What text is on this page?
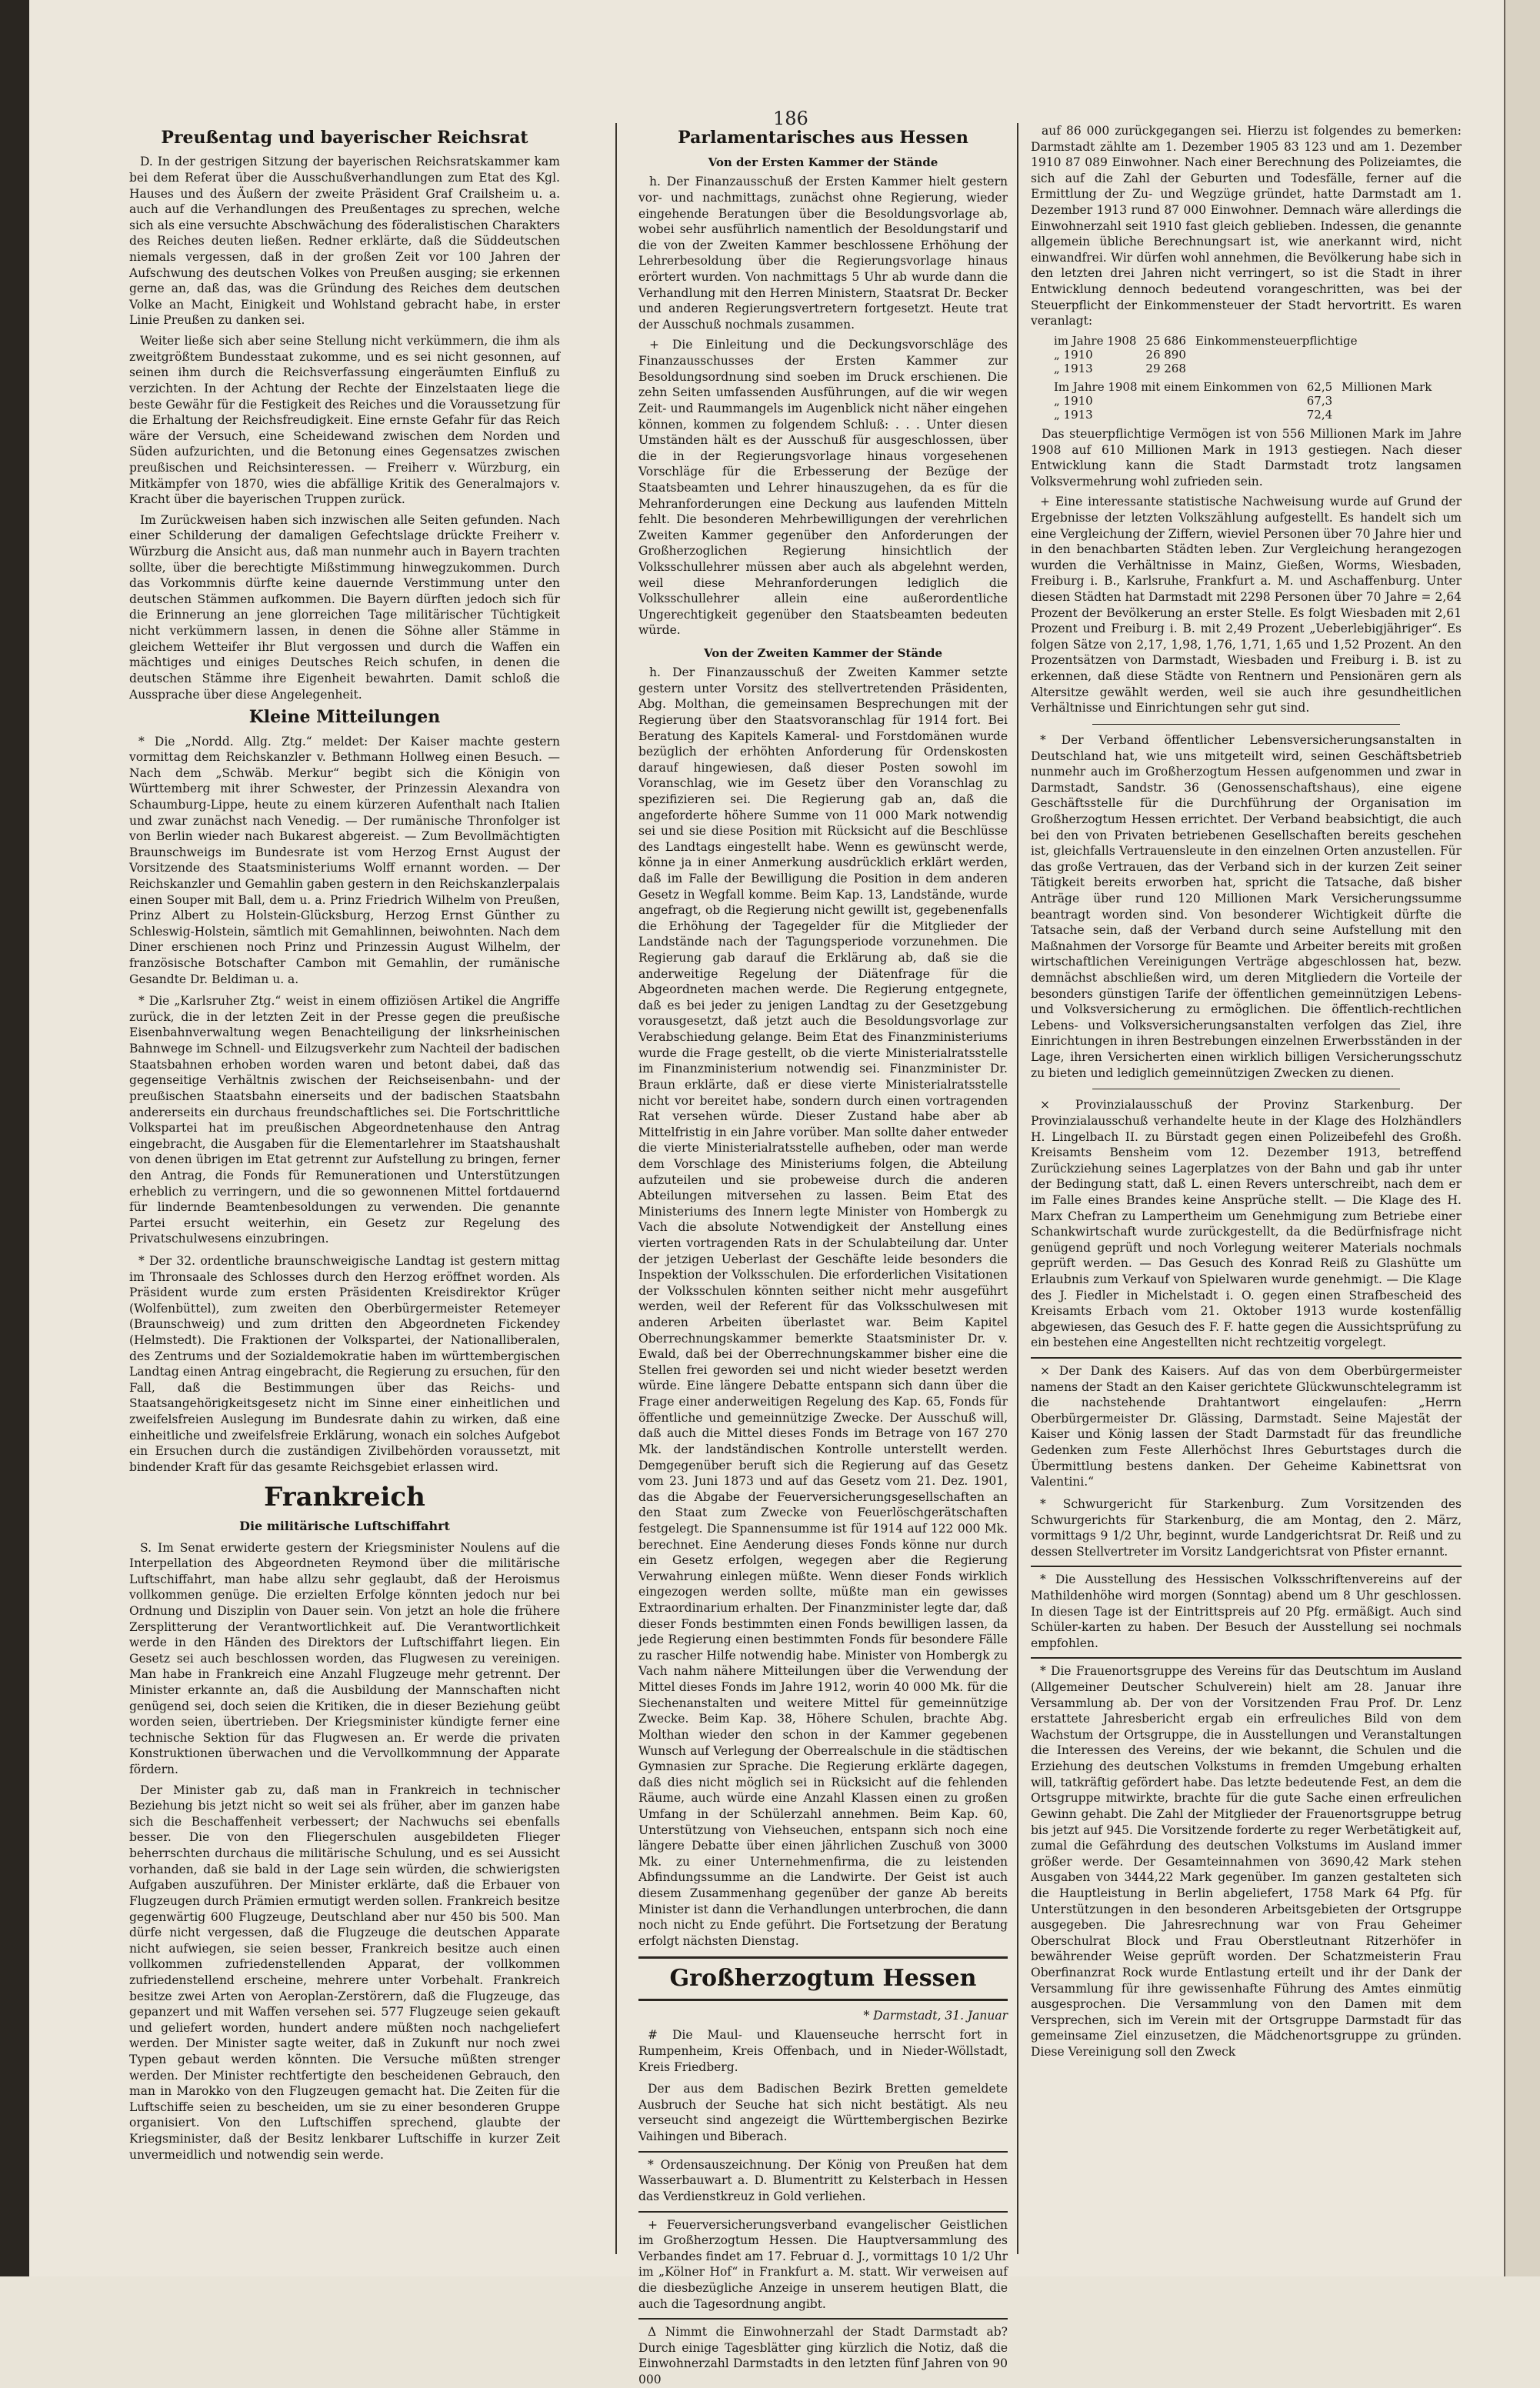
186
Preußentag und bayerischer Reichsrat

D. In der gestrigen Sitzung der bayerischen Reichsratskammer kam bei dem Referat über die Ausschußverhandlungen zum Etat des Kgl. Hauses und des Äußern der zweite Präsident Graf Crailsheim u. a. auch auf die Verhandlungen des Preußentages zu sprechen, welche sich als eine versuchte Abschwächung des föderalistischen Charakters des Reiches deuten ließen. Redner erklärte, daß die Süddeutschen niemals vergessen, daß in der großen Zeit vor 100 Jahren der Aufschwung des deutschen Volkes von Preußen ausging; sie erkennen gerne an, daß das, was die Gründung des Reiches dem deutschen Volke an Macht, Einigkeit und Wohlstand gebracht habe, in erster Linie Preußen zu danken sei.

Weiter ließe sich aber seine Stellung nicht verkümmern, die ihm als zweitgrößtem Bundesstaat zukomme, und es sei nicht gesonnen, auf seinen ihm durch die Reichsverfassung eingeräumten Einfluß zu verzichten. In der Achtung der Rechte der Einzelstaaten liege die beste Gewähr für die Festigkeit des Reiches und die Voraussetzung für die Erhaltung der Reichsfreudigkeit. Eine ernste Gefahr für das Reich wäre der Versuch, eine Scheidewand zwischen dem Norden und Süden aufzurichten, und die Betonung eines Gegensatzes zwischen preußischen und Reichsinteressen. — Freiherr v. Würzburg, ein Mitkämpfer von 1870, wies die abfällige Kritik des Generalmajors v. Kracht über die bayerischen Truppen zurück.

Im Zurückweisen haben sich inzwischen alle Seiten gefunden. Nach einer Schilderung der damaligen Gefechtslage drückte Freiherr v. Würzburg die Ansicht aus, daß man nunmehr auch in Bayern trachten sollte, über die berechtigte Mißstimmung hinwegzukommen. Durch das Vorkommnis dürfte keine dauernde Verstimmung unter den deutschen Stämmen aufkommen. Die Bayern dürften jedoch sich für die Erinnerung an jene glorreichen Tage militärischer Tüchtigkeit nicht verkümmern lassen, in denen die Söhne aller Stämme in gleichem Wetteifer ihr Blut vergossen und durch die Waffen ein mächtiges und einiges Deutsches Reich schufen, in denen die deutschen Stämme ihre Eigenheit bewahrten. Damit schloß die Aussprache über diese Angelegenheit.

Kleine Mitteilungen

* Die „Nordd. Allg. Ztg.“ meldet: Der Kaiser machte gestern vormittag dem Reichskanzler v. Bethmann Hollweg einen Besuch. — Nach dem „Schwäb. Merkur“ begibt sich die Königin von Württemberg mit ihrer Schwester, der Prinzessin Alexandra von Schaumburg-Lippe, heute zu einem kürzeren Aufenthalt nach Italien und zwar zunächst nach Venedig. — Der rumänische Thronfolger ist von Berlin wieder nach Bukarest abgereist. — Zum Bevollmächtigten Braunschweigs im Bundesrate ist vom Herzog Ernst August der Vorsitzende des Staatsministeriums Wolff ernannt worden. — Der Reichskanzler und Gemahlin gaben gestern in den Reichskanzlerpalais einen Souper mit Ball, dem u. a. Prinz Friedrich Wilhelm von Preußen, Prinz Albert zu Holstein-Glücksburg, Herzog Ernst Günther zu Schleswig-Holstein, sämtlich mit Gemahlinnen, beiwohnten. Nach dem Diner erschienen noch Prinz und Prinzessin August Wilhelm, der französische Botschafter Cambon mit Gemahlin, der rumänische Gesandte Dr. Beldiman u. a.

* Die „Karlsruher Ztg.“ weist in einem offiziösen Artikel die Angriffe zurück, die in der letzten Zeit in der Presse gegen die preußische Eisenbahnverwaltung wegen Benachteiligung der linksrheinischen Bahnwege im Schnell- und Eilzugsverkehr zum Nachteil der badischen Staatsbahnen erhoben worden waren und betont dabei, daß das gegenseitige Verhältnis zwischen der Reichseisenbahn- und der preußischen Staatsbahn einerseits und der badischen Staatsbahn andererseits ein durchaus freundschaftliches sei. Die Fortschrittliche Volkspartei hat im preußischen Abgeordnetenhause den Antrag eingebracht, die Ausgaben für die Elementarlehrer im Staatshaushalt von denen übrigen im Etat getrennt zur Aufstellung zu bringen, ferner den Antrag, die Fonds für Remunerationen und Unterstützungen erheblich zu verringern, und die so gewonnenen Mittel fortdauernd für lindernde Beamtenbesoldungen zu verwenden. Die genannte Partei ersucht weiterhin, ein Gesetz zur Regelung des Privatschulwesens einzubringen.

* Der 32. ordentliche braunschweigische Landtag ist gestern mittag im Thronsaale des Schlosses durch den Herzog eröffnet worden. Als Präsident wurde zum ersten Präsidenten Kreisdirektor Krüger (Wolfenbüttel), zum zweiten den Oberbürgermeister Retemeyer (Braunschweig) und zum dritten den Abgeordneten Fickendey (Helmstedt). Die Fraktionen der Volkspartei, der Nationalliberalen, des Zentrums und der Sozialdemokratie haben im württembergischen Landtag einen Antrag eingebracht, die Regierung zu ersuchen, für den Fall, daß die Bestimmungen über das Reichs- und Staatsangehörigkeitsgesetz nicht im Sinne einer einheitlichen und zweifelsfreien Auslegung im Bundesrate dahin zu wirken, daß eine einheitliche und zweifelsfreie Erklärung, wonach ein solches Aufgebot ein Ersuchen durch die zuständigen Zivilbehörden voraussetzt, mit bindender Kraft für das gesamte Reichsgebiet erlassen wird.

Frankreich
Die militärische Luftschiffahrt

S. Im Senat erwiderte gestern der Kriegsminister Noulens auf die Interpellation des Abgeordneten Reymond über die militärische Luftschiffahrt, man habe allzu sehr geglaubt, daß der Heroismus vollkommen genüge. Die erzielten Erfolge könnten jedoch nur bei Ordnung und Disziplin von Dauer sein. Von jetzt an hole die frühere Zersplitterung der Verantwortlichkeit auf. Die Verantwortlichkeit werde in den Händen des Direktors der Luftschiffahrt liegen. Ein Gesetz sei auch beschlossen worden, das Flugwesen zu vereinigen. Man habe in Frankreich eine Anzahl Flugzeuge mehr getrennt. Der Minister erkannte an, daß die Ausbildung der Mannschaften nicht genügend sei, doch seien die Kritiken, die in dieser Beziehung geübt worden seien, übertrieben. Der Kriegsminister kündigte ferner eine technische Sektion für das Flugwesen an. Er werde die privaten Konstruktionen überwachen und die Vervollkommnung der Apparate fördern.

Der Minister gab zu, daß man in Frankreich in technischer Beziehung bis jetzt nicht so weit sei als früher, aber im ganzen habe sich die Beschaffenheit verbessert; der Nachwuchs sei ebenfalls besser. Die von den Fliegerschulen ausgebildeten Flieger beherrschten durchaus die militärische Schulung, und es sei Aussicht vorhanden, daß sie bald in der Lage sein würden, die schwierigsten Aufgaben auszuführen. Der Minister erklärte, daß die Erbauer von Flugzeugen durch Prämien ermutigt werden sollen. Frankreich besitze gegenwärtig 600 Flugzeuge, Deutschland aber nur 450 bis 500. Man dürfe nicht vergessen, daß die Flugzeuge die deutschen Apparate nicht aufwiegen, sie seien besser, Frankreich besitze auch einen vollkommen zufriedenstellenden Apparat, der vollkommen zufriedenstellend erscheine, mehrere unter Vorbehalt. Frankreich besitze zwei Arten von Aeroplan-Zerstörern, daß die Flugzeuge, das gepanzert und mit Waffen versehen sei. 577 Flugzeuge seien gekauft und geliefert worden, hundert andere müßten noch nachgeliefert werden. Der Minister sagte weiter, daß in Zukunft nur noch zwei Typen gebaut werden könnten. Die Versuche müßten strenger werden. Der Minister rechtfertigte den bescheidenen Gebrauch, den man in Marokko von den Flugzeugen gemacht hat. Die Zeiten für die Luftschiffe seien zu bescheiden, um sie zu einer besonderen Gruppe organisiert. Von den Luftschiffen sprechend, glaubte der Kriegsminister, daß der Besitz lenkbarer Luftschiffe in kurzer Zeit unvermeidlich und notwendig sein werde.

Parlamentarisches aus Hessen
Von der Ersten Kammer der Stände

h. Der Finanzausschuß der Ersten Kammer hielt gestern vor- und nachmittags, zunächst ohne Regierung, wieder eingehende Beratungen über die Besoldungsvorlage ab, wobei sehr ausführlich namentlich der Besoldungstarif und die von der Zweiten Kammer beschlossene Erhöhung der Lehrerbesoldung über die Regierungsvorlage hinaus erörtert wurden. Von nachmittags 5 Uhr ab wurde dann die Verhandlung mit den Herren Ministern, Staatsrat Dr. Becker und anderen Regierungsvertretern fortgesetzt. Heute trat der Ausschuß nochmals zusammen.

+ Die Einleitung und die Deckungsvorschläge des Finanzausschusses der Ersten Kammer zur Besoldungsordnung sind soeben im Druck erschienen. Die zehn Seiten umfassenden Ausführungen, auf die wir wegen Zeit- und Raummangels im Augenblick nicht näher eingehen können, kommen zu folgendem Schluß: . . . Unter diesen Umständen hält es der Ausschuß für ausgeschlossen, über die in der Regierungsvorlage hinaus vorgesehenen Vorschläge für die Erbesserung der Bezüge der Staatsbeamten und Lehrer hinauszugehen, da es für die Mehranforderungen eine Deckung aus laufenden Mitteln fehlt. Die besonderen Mehrbewilligungen der verehrlichen Zweiten Kammer gegenüber den Anforderungen der Großherzoglichen Regierung hinsichtlich der Volksschullehrer müssen aber auch als abgelehnt werden, weil diese Mehranforderungen lediglich die Volksschullehrer allein eine außerordentliche Ungerechtigkeit gegenüber den Staatsbeamten bedeuten würde.

Von der Zweiten Kammer der Stände

h. Der Finanzausschuß der Zweiten Kammer setzte gestern unter Vorsitz des stellvertretenden Präsidenten, Abg. Molthan, die gemeinsamen Besprechungen mit der Regierung über den Staatsvoranschlag für 1914 fort. Bei Beratung des Kapitels Kameral- und Forstdomänen wurde bezüglich der erhöhten Anforderung für Ordenskosten darauf hingewiesen, daß dieser Posten sowohl im Voranschlag, wie im Gesetz über den Voranschlag zu spezifizieren sei. Die Regierung gab an, daß die angeforderte höhere Summe von 11 000 Mark notwendig sei und sie diese Position mit Rücksicht auf die Beschlüsse des Landtags eingestellt habe. Wenn es gewünscht werde, könne ja in einer Anmerkung ausdrücklich erklärt werden, daß im Falle der Bewilligung die Position in dem anderen Gesetz in Wegfall komme. Beim Kap. 13, Landstände, wurde angefragt, ob die Regierung nicht gewillt ist, gegebenenfalls die Erhöhung der Tagegelder für die Mitglieder der Landstände nach der Tagungsperiode vorzunehmen. Die Regierung gab darauf die Erklärung ab, daß sie die anderweitige Regelung der Diätenfrage für die Abgeordneten machen werde. Die Regierung entgegnete, daß es bei jeder zu jenigen Landtag zu der Gesetzgebung vorausgesetzt, daß jetzt auch die Besoldungsvorlage zur Verabschiedung gelange. Beim Etat des Finanzministeriums wurde die Frage gestellt, ob die vierte Ministerialratsstelle im Finanzministerium notwendig sei. Finanzminister Dr. Braun erklärte, daß er diese vierte Ministerialratsstelle nicht vor bereitet habe, sondern durch einen vortragenden Rat versehen würde. Dieser Zustand habe aber ab Mittelfristig in ein Jahre vorüber. Man sollte daher entweder die vierte Ministerialratsstelle aufheben, oder man werde dem Vorschlage des Ministeriums folgen, die Abteilung aufzuteilen und sie probeweise durch die anderen Abteilungen mitversehen zu lassen. Beim Etat des Ministeriums des Innern legte Minister von Hombergk zu Vach die absolute Notwendigkeit der Anstellung eines vierten vortragenden Rats in der Schulabteilung dar. Unter der jetzigen Ueberlast der Geschäfte leide besonders die Inspektion der Volksschulen. Die erforderlichen Visitationen der Volksschulen könnten seither nicht mehr ausgeführt werden, weil der Referent für das Volksschulwesen mit anderen Arbeiten überlastet war. Beim Kapitel Oberrechnungskammer bemerkte Staatsminister Dr. v. Ewald, daß bei der Oberrechnungskammer bisher eine die Stellen frei geworden sei und nicht wieder besetzt werden würde. Eine längere Debatte entspann sich dann über die Frage einer anderweitigen Regelung des Kap. 65, Fonds für öffentliche und gemeinnützige Zwecke. Der Ausschuß will, daß auch die Mittel dieses Fonds im Betrage von 167 270 Mk. der landständischen Kontrolle unterstellt werden. Demgegenüber beruft sich die Regierung auf das Gesetz vom 23. Juni 1873 und auf das Gesetz vom 21. Dez. 1901, das die Abgabe der Feuerversicherungsgesellschaften an den Staat zum Zwecke von Feuerlöschgerätschaften festgelegt. Die Spannensumme ist für 1914 auf 122 000 Mk. berechnet. Eine Aenderung dieses Fonds könne nur durch ein Gesetz erfolgen, wegegen aber die Regierung Verwahrung einlegen müßte. Wenn dieser Fonds wirklich eingezogen werden sollte, müßte man ein gewisses Extraordinarium erhalten. Der Finanzminister legte dar, daß dieser Fonds bestimmten einen Fonds bewilligen lassen, da jede Regierung einen bestimmten Fonds für besondere Fälle zu rascher Hilfe notwendig habe. Minister von Hombergk zu Vach nahm nähere Mitteilungen über die Verwendung der Mittel dieses Fonds im Jahre 1912, worin 40 000 Mk. für die Siechenanstalten und weitere Mittel für gemeinnützige Zwecke. Beim Kap. 38, Höhere Schulen, brachte Abg. Molthan wieder den schon in der Kammer gegebenen Wunsch auf Verlegung der Oberrealschule in die städtischen Gymnasien zur Sprache. Die Regierung erklärte dagegen, daß dies nicht möglich sei in Rücksicht auf die fehlenden Räume, auch würde eine Anzahl Klassen einen zu großen Umfang in der Schülerzahl annehmen. Beim Kap. 60, Unterstützung von Viehseuchen, entspann sich noch eine längere Debatte über einen jährlichen Zuschuß von 3000 Mk. zu einer Unternehmenfirma, die zu leistenden Abfindungssumme an die Landwirte. Der Geist ist auch diesem Zusammenhang gegenüber der ganze Ab bereits Minister ist dann die Verhandlungen unterbrochen, die dann noch nicht zu Ende geführt. Die Fortsetzung der Beratung erfolgt nächsten Dienstag.

Großherzogtum Hessen
* Darmstadt, 31. Januar

# Die Maul- und Klauenseuche herrscht fort in Rumpenheim, Kreis Offenbach, und in Nieder-Wöllstadt, Kreis Friedberg.

Der aus dem Badischen Bezirk Bretten gemeldete Ausbruch der Seuche hat sich nicht bestätigt. Als neu verseucht sind angezeigt die Württembergischen Bezirke Vaihingen und Biberach.

* Ordensauszeichnung. Der König von Preußen hat dem Wasserbauwart a. D. Blumentritt zu Kelsterbach in Hessen das Verdienstkreuz in Gold verliehen.

+ Feuerversicherungsverband evangelischer Geistlichen im Großherzogtum Hessen. Die Hauptversammlung des Verbandes findet am 17. Februar d. J., vormittags 10 1/2 Uhr im „Kölner Hof“ in Frankfurt a. M. statt. Wir verweisen auf die diesbezügliche Anzeige in unserem heutigen Blatt, die auch die Tagesordnung angibt.

Δ Nimmt die Einwohnerzahl der Stadt Darmstadt ab? Durch einige Tagesblätter ging kürzlich die Notiz, daß die Einwohnerzahl Darmstadts in den letzten fünf Jahren von 90 000

auf 86 000 zurückgegangen sei. Hierzu ist folgendes zu bemerken: Darmstadt zählte am 1. Dezember 1905 83 123 und am 1. Dezember 1910 87 089 Einwohner. Nach einer Berechnung des Polizeiamtes, die sich auf die Zahl der Geburten und Todesfälle, ferner auf die Ermittlung der Zu- und Wegzüge gründet, hatte Darmstadt am 1. Dezember 1913 rund 87 000 Einwohner. Demnach wäre allerdings die Einwohnerzahl seit 1910 fast gleich geblieben. Indessen, die genannte allgemein übliche Berechnungsart ist, wie anerkannt wird, nicht einwandfrei. Wir dürfen wohl annehmen, die Bevölkerung habe sich in den letzten drei Jahren nicht verringert, so ist die Stadt in ihrer Entwicklung dennoch bedeutend vorangeschritten, was bei der Steuerpflicht der Einkommensteuer der Stadt hervortritt. Es waren veranlagt:

im Jahre 1908	25 686	Einkommensteuerpflichtige
„ 1910	26 890	
„ 1913	29 268	
Im Jahre 1908 mit einem Einkommen von	62,5	Millionen Mark
„ 1910	67,3	
„ 1913	72,4	

Das steuerpflichtige Vermögen ist von 556 Millionen Mark im Jahre 1908 auf 610 Millionen Mark in 1913 gestiegen. Nach dieser Entwicklung kann die Stadt Darmstadt trotz langsamen Volksvermehrung wohl zufrieden sein.

+ Eine interessante statistische Nachweisung wurde auf Grund der Ergebnisse der letzten Volkszählung aufgestellt. Es handelt sich um eine Vergleichung der Ziffern, wieviel Personen über 70 Jahre hier und in den benachbarten Städten leben. Zur Vergleichung herangezogen wurden die Verhältnisse in Mainz, Gießen, Worms, Wiesbaden, Freiburg i. B., Karlsruhe, Frankfurt a. M. und Aschaffenburg. Unter diesen Städten hat Darmstadt mit 2298 Personen über 70 Jahre = 2,64 Prozent der Bevölkerung an erster Stelle. Es folgt Wiesbaden mit 2,61 Prozent und Freiburg i. B. mit 2,49 Prozent „Ueberlebigjähriger“. Es folgen Sätze von 2,17, 1,98, 1,76, 1,71, 1,65 und 1,52 Prozent. An den Prozentsätzen von Darmstadt, Wiesbaden und Freiburg i. B. ist zu erkennen, daß diese Städte von Rentnern und Pensionären gern als Altersitze gewählt werden, weil sie auch ihre gesundheitlichen Verhältnisse und Einrichtungen sehr gut sind.

* Der Verband öffentlicher Lebensversicherungsanstalten in Deutschland hat, wie uns mitgeteilt wird, seinen Geschäftsbetrieb nunmehr auch im Großherzogtum Hessen aufgenommen und zwar in Darmstadt, Sandstr. 36 (Genossenschaftshaus), eine eigene Geschäftsstelle für die Durchführung der Organisation im Großherzogtum Hessen errichtet. Der Verband beabsichtigt, die auch bei den von Privaten betriebenen Gesellschaften bereits geschehen ist, gleichfalls Vertrauensleute in den einzelnen Orten anzustellen. Für das große Vertrauen, das der Verband sich in der kurzen Zeit seiner Tätigkeit bereits erworben hat, spricht die Tatsache, daß bisher Anträge über rund 120 Millionen Mark Versicherungssumme beantragt worden sind. Von besonderer Wichtigkeit dürfte die Tatsache sein, daß der Verband durch seine Aufstellung mit den Maßnahmen der Vorsorge für Beamte und Arbeiter bereits mit großen wirtschaftlichen Vereinigungen Verträge abgeschlossen hat, bezw. demnächst abschließen wird, um deren Mitgliedern die Vorteile der besonders günstigen Tarife der öffentlichen gemeinnützigen Lebens- und Volksversicherung zu ermöglichen. Die öffentlich-rechtlichen Lebens- und Volksversicherungsanstalten verfolgen das Ziel, ihre Einrichtungen in ihren Bestrebungen einzelnen Erwerbsständen in der Lage, ihren Versicherten einen wirklich billigen Versicherungsschutz zu bieten und lediglich gemeinnützigen Zwecken zu dienen.

× Provinzialausschuß der Provinz Starkenburg. Der Provinzialausschuß verhandelte heute in der Klage des Holzhändlers H. Lingelbach II. zu Bürstadt gegen einen Polizeibefehl des Großh. Kreisamts Bensheim vom 12. Dezember 1913, betreffend Zurückziehung seines Lagerplatzes von der Bahn und gab ihr unter der Bedingung statt, daß L. einen Revers unterschreibt, nach dem er im Falle eines Brandes keine Ansprüche stellt. — Die Klage des H. Marx Chefran zu Lampertheim um Genehmigung zum Betriebe einer Schankwirtschaft wurde zurückgestellt, da die Bedürfnisfrage nicht genügend geprüft und noch Vorlegung weiterer Materials nochmals geprüft werden. — Das Gesuch des Konrad Reiß zu Glashütte um Erlaubnis zum Verkauf von Spielwaren wurde genehmigt. — Die Klage des J. Fiedler in Michelstadt i. O. gegen einen Strafbescheid des Kreisamts Erbach vom 21. Oktober 1913 wurde kostenfällig abgewiesen, das Gesuch des F. F. hatte gegen die Aussichtsprüfung zu ein bestehen eine Angestellten nicht rechtzeitig vorgelegt.

× Der Dank des Kaisers. Auf das von dem Oberbürgermeister namens der Stadt an den Kaiser gerichtete Glückwunschtelegramm ist die nachstehende Drahtantwort eingelaufen: „Herrn Oberbürgermeister Dr. Glässing, Darmstadt. Seine Majestät der Kaiser und König lassen der Stadt Darmstadt für das freundliche Gedenken zum Feste Allerhöchst Ihres Geburtstages durch die Übermittlung bestens danken. Der Geheime Kabinettsrat von Valentini.“

* Schwurgericht für Starkenburg. Zum Vorsitzenden des Schwurgerichts für Starkenburg, die am Montag, den 2. März, vormittags 9 1/2 Uhr, beginnt, wurde Landgerichtsrat Dr. Reiß und zu dessen Stellvertreter im Vorsitz Landgerichtsrat von Pfister ernannt.

* Die Ausstellung des Hessischen Volksschriftenvereins auf der Mathildenhöhe wird morgen (Sonntag) abend um 8 Uhr geschlossen. In diesen Tage ist der Eintrittspreis auf 20 Pfg. ermäßigt. Auch sind Schüler-karten zu haben. Der Besuch der Ausstellung sei nochmals empfohlen.

* Die Frauenortsgruppe des Vereins für das Deutschtum im Ausland (Allgemeiner Deutscher Schulverein) hielt am 28. Januar ihre Versammlung ab. Der von der Vorsitzenden Frau Prof. Dr. Lenz erstattete Jahresbericht ergab ein erfreuliches Bild von dem Wachstum der Ortsgruppe, die in Ausstellungen und Veranstaltungen die Interessen des Vereins, der wie bekannt, die Schulen und die Erziehung des deutschen Volkstums in fremden Umgebung erhalten will, tatkräftig gefördert habe. Das letzte bedeutende Fest, an dem die Ortsgruppe mitwirkte, brachte für die gute Sache einen erfreulichen Gewinn gehabt. Die Zahl der Mitglieder der Frauenortsgruppe betrug bis jetzt auf 945. Die Vorsitzende forderte zu reger Werbetätigkeit auf, zumal die Gefährdung des deutschen Volkstums im Ausland immer größer werde. Der Gesamteinnahmen von 3690,42 Mark stehen Ausgaben von 3444,22 Mark gegenüber. Im ganzen gestalteten sich die Hauptleistung in Berlin abgeliefert, 1758 Mark 64 Pfg. für Unterstützungen in den besonderen Arbeitsgebieten der Ortsgruppe ausgegeben. Die Jahresrechnung war von Frau Geheimer Oberschulrat Block und Frau Oberstleutnant Ritzerhöfer in bewährender Weise geprüft worden. Der Schatzmeisterin Frau Oberfinanzrat Rock wurde Entlastung erteilt und ihr der Dank der Versammlung für ihre gewissenhafte Führung des Amtes einmütig ausgesprochen. Die Versammlung von den Damen mit dem Versprechen, sich im Verein mit der Ortsgruppe Darmstadt für das gemeinsame Ziel einzusetzen, die Mädchenortsgruppe zu gründen. Diese Vereinigung soll den Zweck
